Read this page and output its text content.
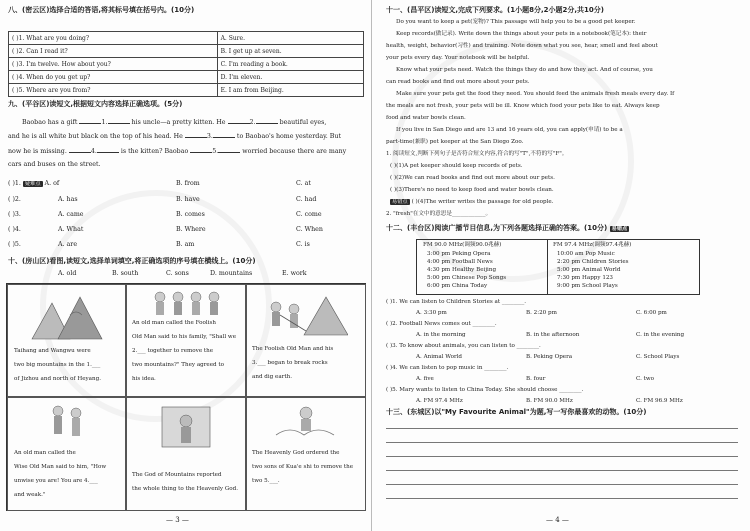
八、(密云区)选择合适的答语,将其标号填在括号内。(10分)
( )1. What are you doing?	A. Sure.
( )2. Can I read it?	B. I get up at seven.
( )3. I'm twelve. How about you?	C. I'm reading a book.
( )4. When do you get up?	D. I'm eleven.
( )5. Where are you from?	E. I am from Beijing.
九、(平谷区)读短文,根据短文内容选择正确选项。(5分)
Baobao has a gift	1.	his uncle—a pretty kitten. He	2.	beautiful eyes,
and he is all white but black on the top of his head. He	3.	to Baobao's home yesterday. But
now he is missing.	4.	is the kitten? Baobao	5.	worried because there are many
cars and buses on the street.
( )1. 疑难点 A. of	B. from	C. at
( )2.	A. has	B. have	C. had
( )3.	A. came	B. comes	C. come
( )4.	A. What	B. Where	C. When
( )5.	A. are	B. am	C. is
十、(房山区)看图,读短文,选择单词填空,将正确选项的序号填在横线上。(10分)
A. old	B. south	C. sons	D. mountains	E. work
Taihang and Wangwu were
two big mountains in the 1.___
of Jizhou and north of Heyang.
An old man called the Foolish
Old Man said to his family, "Shall we
2.___ together to remove the
two mountains?" They agreed to
his idea.
The Foolish Old Man and his
3.___ began to break rocks
and dig earth.
An old man called the
Wise Old Man said to him, "How
unwise you are! You are 4.___
and weak."
The God of Mountains reported
the whole thing to the Heavenly God.
The Heavenly God ordered the
two sons of Kua'e shi to remove the
two 5.___.
— 3 —
十一、(昌平区)读短文,完成下列要求。(1小题8分,2小题2分,共10分)
Do you want to keep a pet(宠物)? This passage will help you to be a good pet keeper.
Keep records(做记录). Write down the things about your pets in a notebook(笔记本): their
health, weight, behavior(习性) and training. Note down what you see, hear, smell and feel about
your pets every day. Your notebook will be helpful.
Know what your pets need. Watch the things they do and how they act. And of course, you
can read books and find out more about your pets.
Make sure your pets get the food they need. You should feed the animals fresh meals every day. If
the meals are not fresh, your pets will be ill. Know which food your pets like to eat. Always keep
food and water bowls clean.
If you live in San Diego and are 13 and 16 years old, you can apply(申请) to be a
part-time(兼职) pet keeper at the San Diego Zoo.
1. 阅读短文,判断下列句子是否符合短文内容,符合的写"T",不符的写"F"。
( )(1)A pet keeper should keep records of pets.
( )(2)We can read books and find out more about our pets.
( )(3)There's no need to keep food and water bowls clean.
易错点 ( )(4)The writer writes the passage for old people.
2. "fresh"在文中的意思是____________。
十二、(丰台区)阅读广播节目信息,为下列各题选择正确的答案。(10分) 易错点
FM 90.0 MHz(调频90.0兆赫)
3:00 pm Peking Opera
4:00 pm Football News
4:30 pm Healthy Beijing
5:00 pm Chinese Pop Songs
6:00 pm China Today
FM 97.4 MHz(调频97.4兆赫)
10:00 am Pop Music
2:20 pm Children Stories
5:00 pm Animal World
7:30 pm Happy 123
9:00 pm School Plays
( )1. We can listen to Children Stories at ________.
A. 3:30 pm	B. 2:20 pm	C. 6:00 pm
( )2. Football News comes out ________.
A. in the morning	B. in the afternoon	C. in the evening
( )3. To know about animals, you can listen to ________.
A. Animal World	B. Peking Opera	C. School Plays
( )4. We can listen to pop music in ________.
A. five	B. four	C. two
( )5. Mary wants to listen to China Today. She should choose ________.
A. FM 97.4 MHz	B. FM 90.0 MHz	C. FM 96.9 MHz
十三、(东城区)以"My Favourite Animal"为题,写一写你最喜欢的动物。(10分)
— 4 —
